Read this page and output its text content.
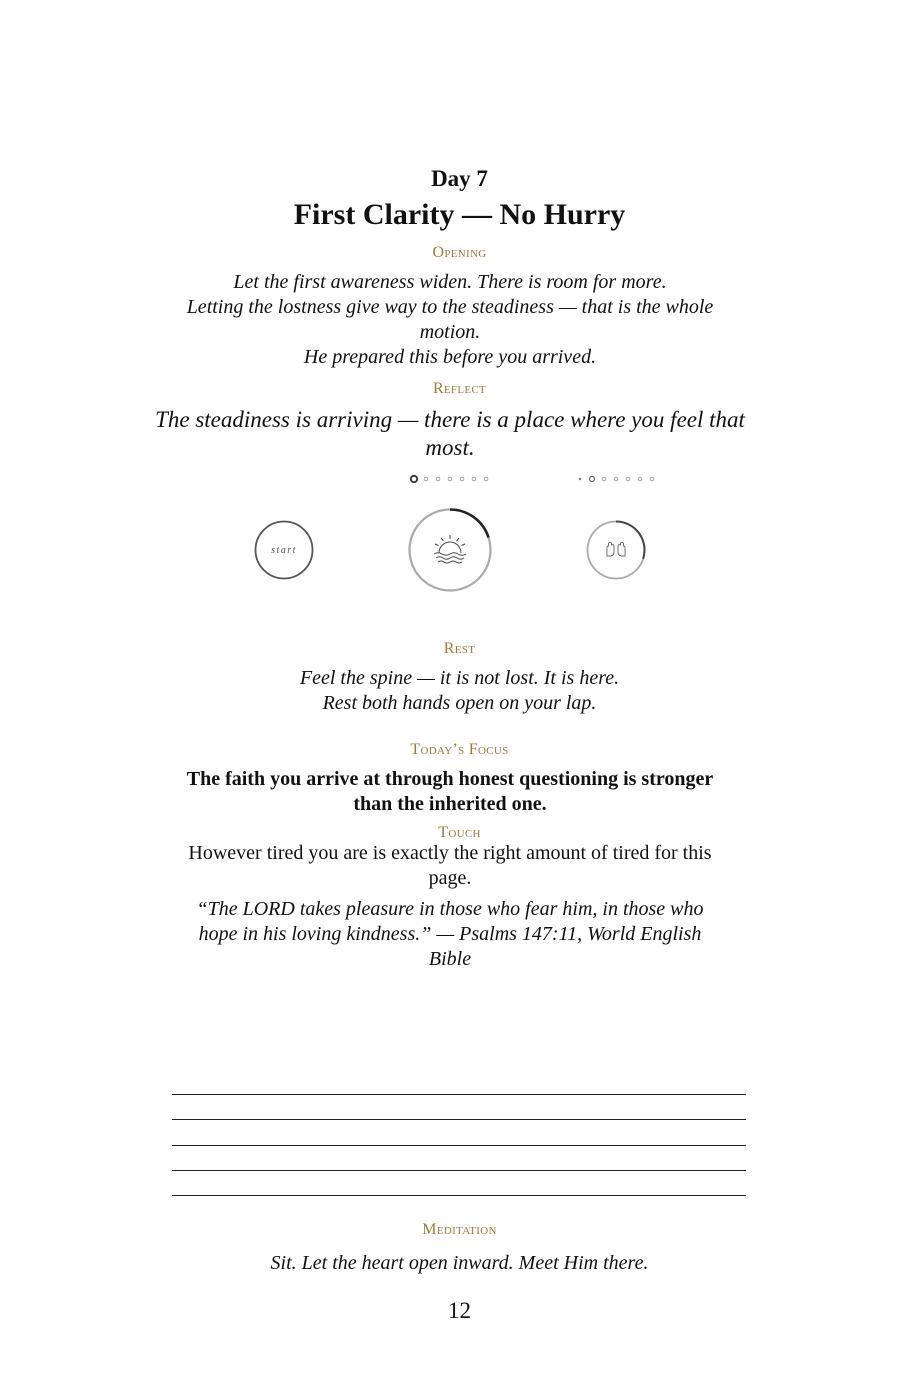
Day 7
First Clarity — No Hurry
Opening
Let the first awareness widen. There is room for more.
Letting the lostness give way to the steadiness — that is the whole motion.
He prepared this before you arrived.
Reflect
The steadiness is arriving — there is a place where you feel that most.
start
Rest
Feel the spine — it is not lost. It is here.
Rest both hands open on your lap.
Today’s Focus
The faith you arrive at through honest questioning is stronger than the inherited one.
Touch
However tired you are is exactly the right amount of tired for this page.
“The LORD takes pleasure in those who fear him, in those who hope in his loving kindness.” — Psalms 147:11, World English Bible
Meditation
Sit. Let the heart open inward. Meet Him there.
12
